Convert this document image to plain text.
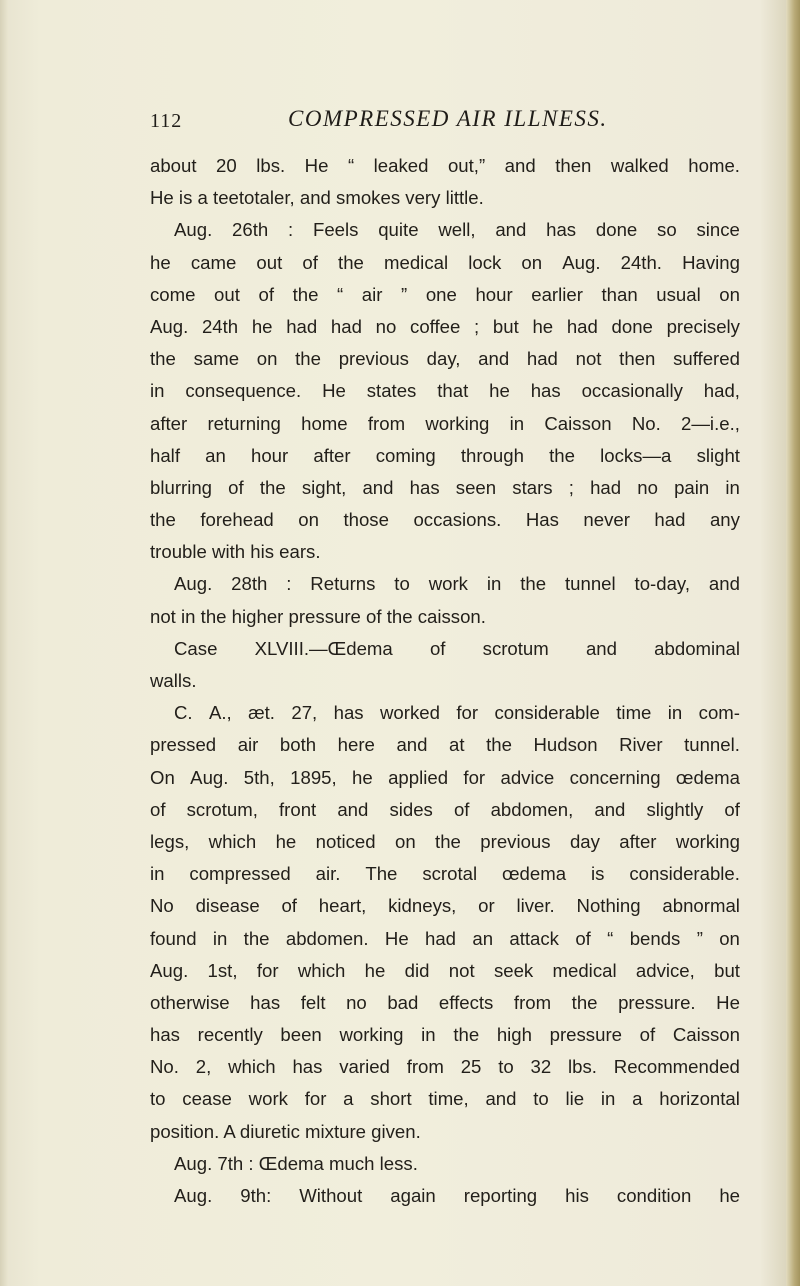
112	COMPRESSED AIR ILLNESS.
about 20 lbs. He “ leaked out,” and then walked home.
He is a teetotaler, and smokes very little.
Aug. 26th : Feels quite well, and has done so since
he came out of the medical lock on Aug. 24th. Having
come out of the “ air ” one hour earlier than usual on
Aug. 24th he had had no coffee ; but he had done precisely
the same on the previous day, and had not then suffered
in consequence. He states that he has occasionally had,
after returning home from working in Caisson No. 2—i.e.,
half an hour after coming through the locks—a slight
blurring of the sight, and has seen stars ; had no pain in
the forehead on those occasions. Has never had any
trouble with his ears.
Aug. 28th : Returns to work in the tunnel to-day, and
not in the higher pressure of the caisson.
Case XLVIII.—Œdema of scrotum and abdominal
walls.
C. A., æt. 27, has worked for considerable time in com-
pressed air both here and at the Hudson River tunnel.
On Aug. 5th, 1895, he applied for advice concerning œdema
of scrotum, front and sides of abdomen, and slightly of
legs, which he noticed on the previous day after working
in compressed air. The scrotal œdema is considerable.
No disease of heart, kidneys, or liver. Nothing abnormal
found in the abdomen. He had an attack of “ bends ” on
Aug. 1st, for which he did not seek medical advice, but
otherwise has felt no bad effects from the pressure. He
has recently been working in the high pressure of Caisson
No. 2, which has varied from 25 to 32 lbs. Recommended
to cease work for a short time, and to lie in a horizontal
position. A diuretic mixture given.
Aug. 7th : Œdema much less.
Aug. 9th: Without again reporting his condition he
